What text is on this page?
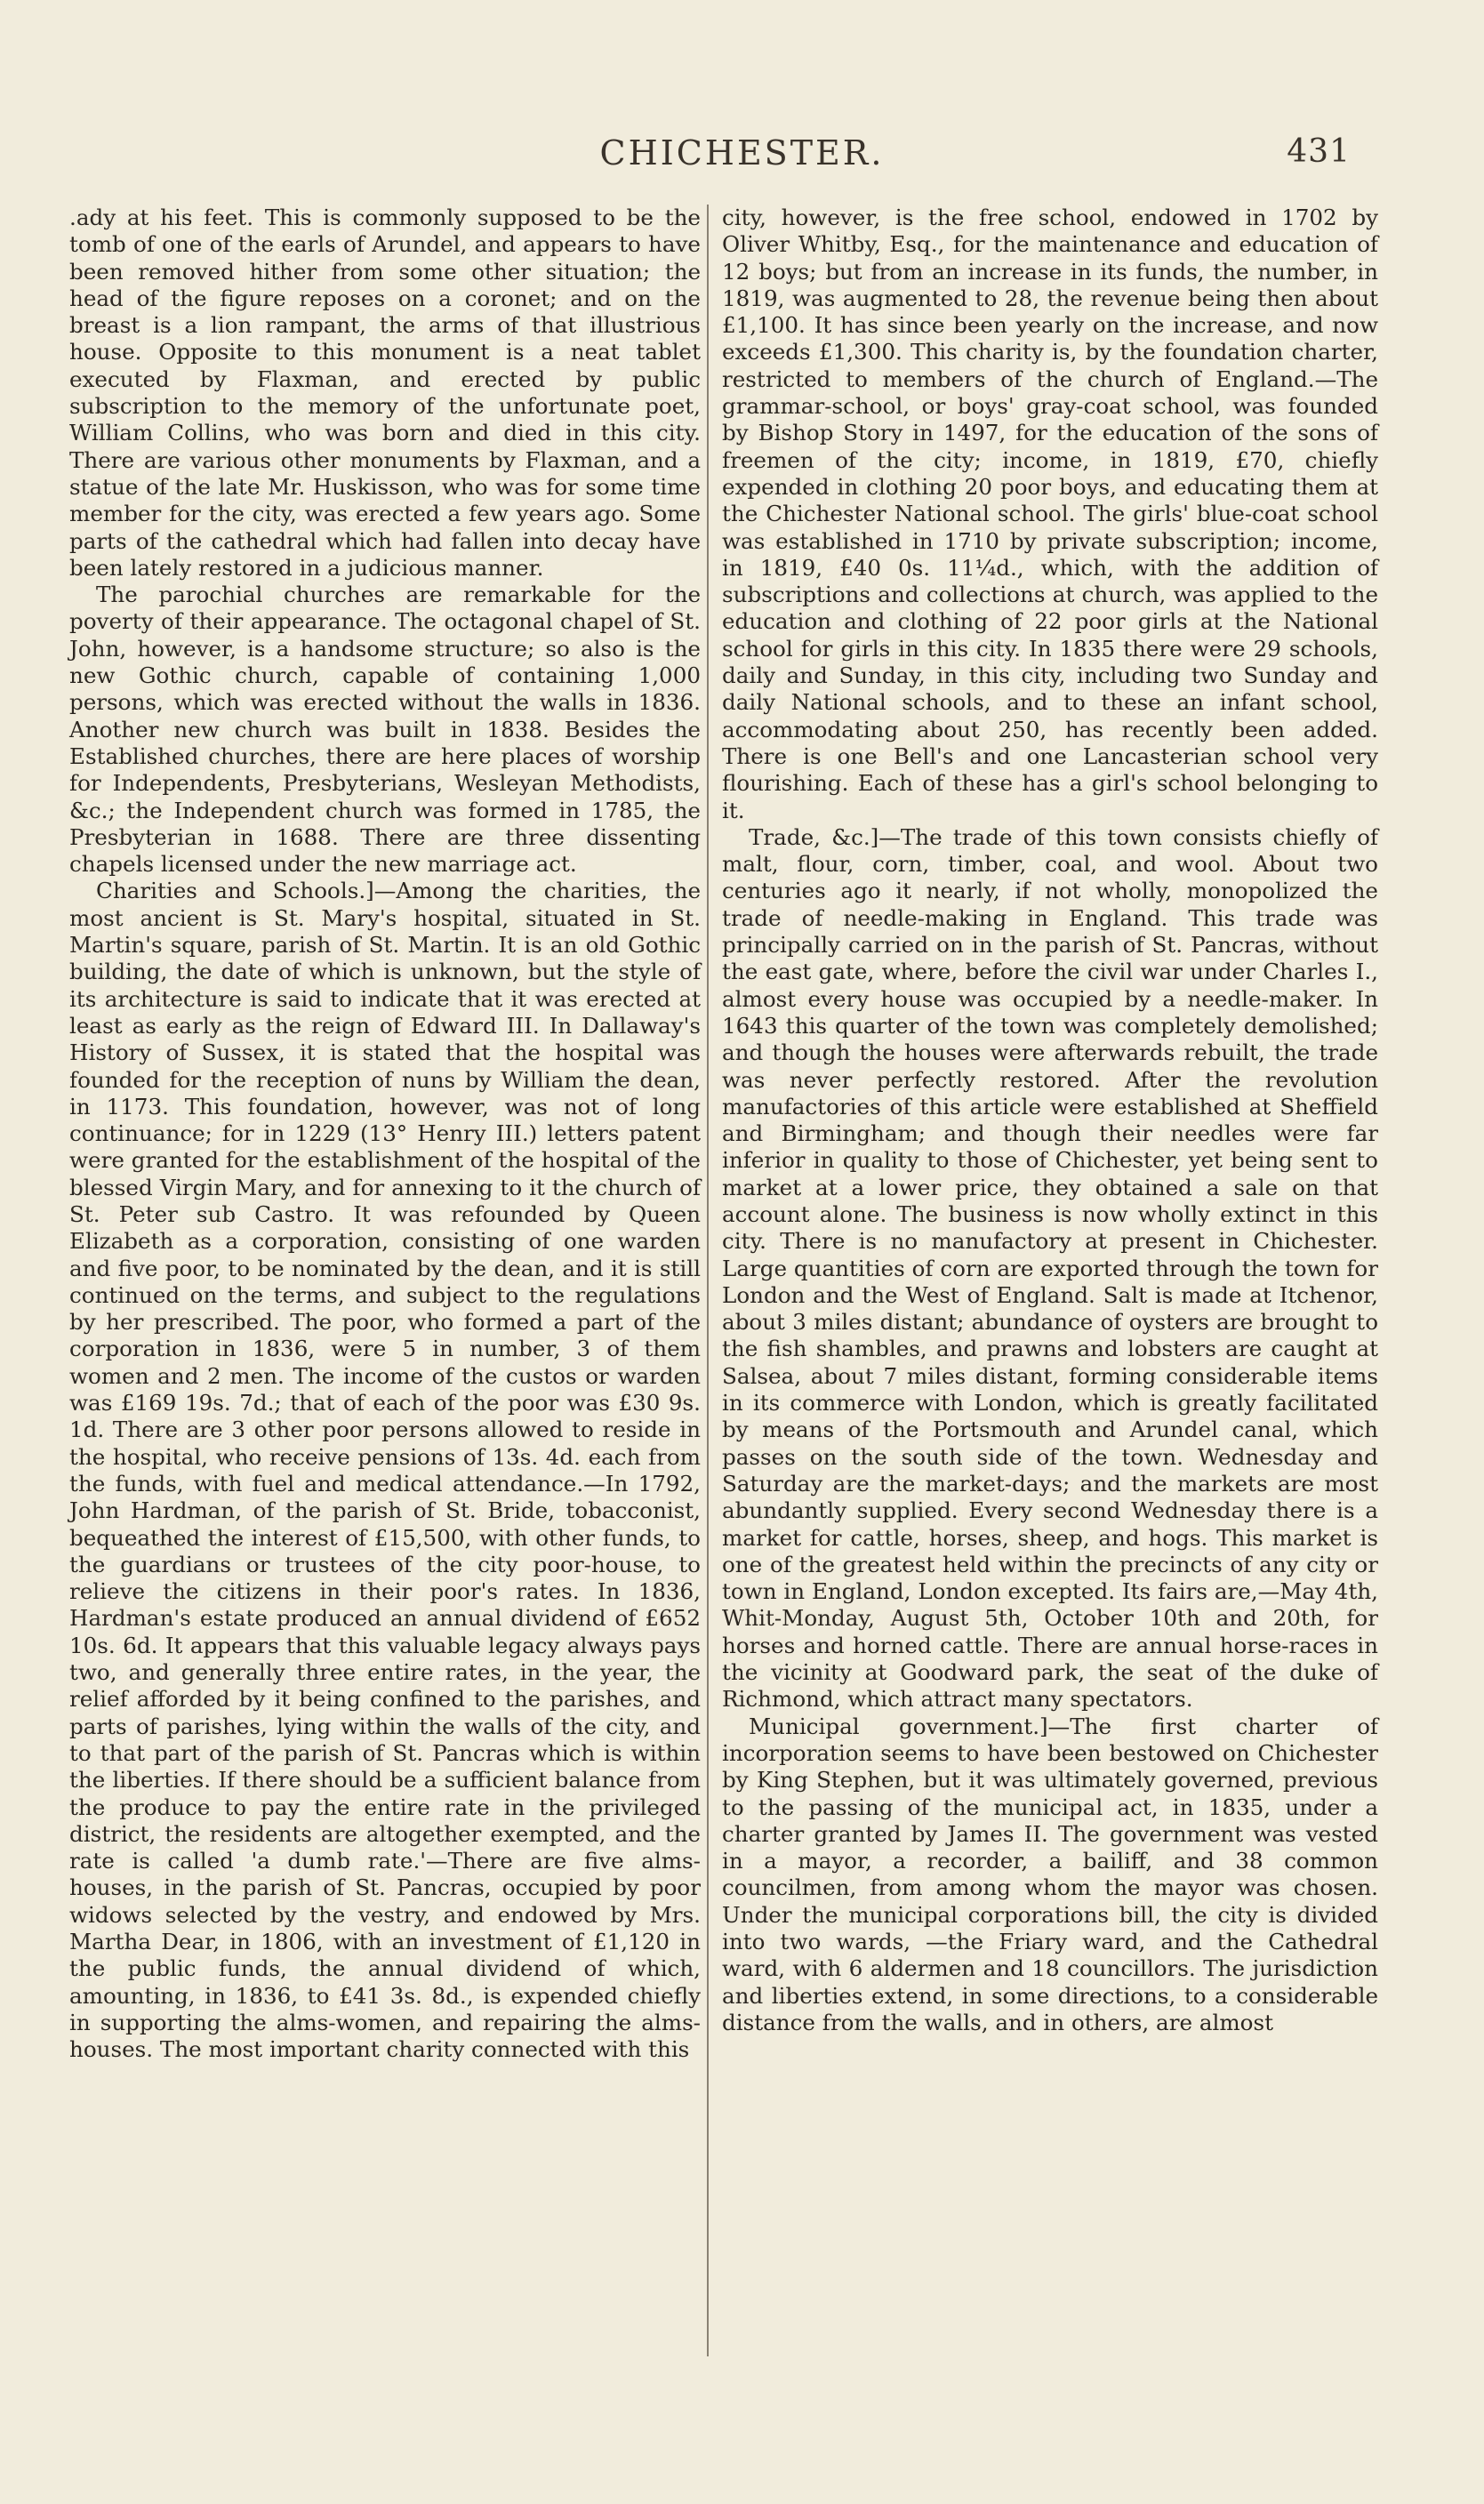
CHICHESTER.	431

.ady at his feet. This is commonly supposed to be the tomb of one of the earls of Arundel, and appears to have been removed hither from some other situation; the head of the figure reposes on a coronet; and on the breast is a lion rampant, the arms of that illustrious house. Opposite to this monument is a neat tablet executed by Flaxman, and erected by public subscription to the memory of the unfortunate poet, William Collins, who was born and died in this city. There are various other monuments by Flaxman, and a statue of the late Mr. Huskisson, who was for some time member for the city, was erected a few years ago. Some parts of the cathedral which had fallen into decay have been lately restored in a judicious manner.

The parochial churches are remarkable for the poverty of their appearance. The octagonal chapel of St. John, however, is a handsome structure; so also is the new Gothic church, capable of containing 1,000 persons, which was erected without the walls in 1836. Another new church was built in 1838. Besides the Established churches, there are here places of worship for Independents, Presbyterians, Wesleyan Methodists, &c.; the Independent church was formed in 1785, the Presbyterian in 1688. There are three dissenting chapels licensed under the new marriage act.

Charities and Schools.]—Among the charities, the most ancient is St. Mary's hospital, situated in St. Martin's square, parish of St. Martin. It is an old Gothic building, the date of which is unknown, but the style of its architecture is said to indicate that it was erected at least as early as the reign of Edward III. In Dallaway's History of Sussex, it is stated that the hospital was founded for the reception of nuns by William the dean, in 1173. This foundation, however, was not of long continuance; for in 1229 (13° Henry III.) letters patent were granted for the establishment of the hospital of the blessed Virgin Mary, and for annexing to it the church of St. Peter sub Castro. It was refounded by Queen Elizabeth as a corporation, consisting of one warden and five poor, to be nominated by the dean, and it is still continued on the terms, and subject to the regulations by her prescribed. The poor, who formed a part of the corporation in 1836, were 5 in number, 3 of them women and 2 men. The income of the custos or warden was £169 19s. 7d.; that of each of the poor was £30 9s. 1d. There are 3 other poor persons allowed to reside in the hospital, who receive pensions of 13s. 4d. each from the funds, with fuel and medical attendance.—In 1792, John Hardman, of the parish of St. Bride, tobacconist, bequeathed the interest of £15,500, with other funds, to the guardians or trustees of the city poor-house, to relieve the citizens in their poor's rates. In 1836, Hardman's estate produced an annual dividend of £652 10s. 6d. It appears that this valuable legacy always pays two, and generally three entire rates, in the year, the relief afforded by it being confined to the parishes, and parts of parishes, lying within the walls of the city, and to that part of the parish of St. Pancras which is within the liberties. If there should be a sufficient balance from the produce to pay the entire rate in the privileged district, the residents are altogether exempted, and the rate is called 'a dumb rate.'—There are five alms-houses, in the parish of St. Pancras, occupied by poor widows selected by the vestry, and endowed by Mrs. Martha Dear, in 1806, with an investment of £1,120 in the public funds, the annual dividend of which, amounting, in 1836, to £41 3s. 8d., is expended chiefly in supporting the alms-women, and repairing the alms-houses. The most important charity connected with this

city, however, is the free school, endowed in 1702 by Oliver Whitby, Esq., for the maintenance and education of 12 boys; but from an increase in its funds, the number, in 1819, was augmented to 28, the revenue being then about £1,100. It has since been yearly on the increase, and now exceeds £1,300. This charity is, by the foundation charter, restricted to members of the church of England.—The grammar-school, or boys' gray-coat school, was founded by Bishop Story in 1497, for the education of the sons of freemen of the city; income, in 1819, £70, chiefly expended in clothing 20 poor boys, and educating them at the Chichester National school. The girls' blue-coat school was established in 1710 by private subscription; income, in 1819, £40 0s. 11¼d., which, with the addition of subscriptions and collections at church, was applied to the education and clothing of 22 poor girls at the National school for girls in this city. In 1835 there were 29 schools, daily and Sunday, in this city, including two Sunday and daily National schools, and to these an infant school, accommodating about 250, has recently been added. There is one Bell's and one Lancasterian school very flourishing. Each of these has a girl's school belonging to it.

Trade, &c.]—The trade of this town consists chiefly of malt, flour, corn, timber, coal, and wool. About two centuries ago it nearly, if not wholly, monopolized the trade of needle-making in England. This trade was principally carried on in the parish of St. Pancras, without the east gate, where, before the civil war under Charles I., almost every house was occupied by a needle-maker. In 1643 this quarter of the town was completely demolished; and though the houses were afterwards rebuilt, the trade was never perfectly restored. After the revolution manufactories of this article were established at Sheffield and Birmingham; and though their needles were far inferior in quality to those of Chichester, yet being sent to market at a lower price, they obtained a sale on that account alone. The business is now wholly extinct in this city. There is no manufactory at present in Chichester. Large quantities of corn are exported through the town for London and the West of England. Salt is made at Itchenor, about 3 miles distant; abundance of oysters are brought to the fish shambles, and prawns and lobsters are caught at Salsea, about 7 miles distant, forming considerable items in its commerce with London, which is greatly facilitated by means of the Portsmouth and Arundel canal, which passes on the south side of the town. Wednesday and Saturday are the market-days; and the markets are most abundantly supplied. Every second Wednesday there is a market for cattle, horses, sheep, and hogs. This market is one of the greatest held within the precincts of any city or town in England, London excepted. Its fairs are,—May 4th, Whit-Monday, August 5th, October 10th and 20th, for horses and horned cattle. There are annual horse-races in the vicinity at Goodward park, the seat of the duke of Richmond, which attract many spectators.

Municipal government.]—The first charter of incorporation seems to have been bestowed on Chichester by King Stephen, but it was ultimately governed, previous to the passing of the municipal act, in 1835, under a charter granted by James II. The government was vested in a mayor, a recorder, a bailiff, and 38 common councilmen, from among whom the mayor was chosen. Under the municipal corporations bill, the city is divided into two wards, —the Friary ward, and the Cathedral ward, with 6 aldermen and 18 councillors. The jurisdiction and liberties extend, in some directions, to a considerable distance from the walls, and in others, are almost
